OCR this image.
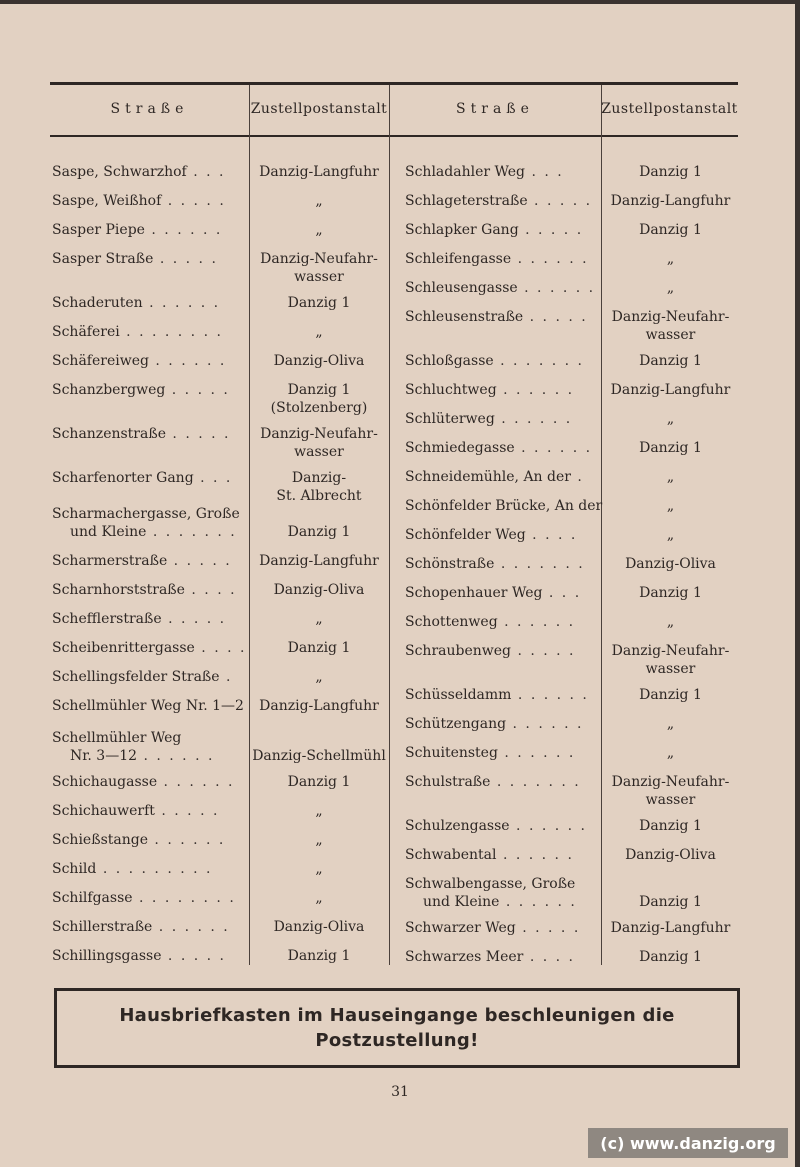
Straße	Zustellpostanstalt	Straße	Zustellpostanstalt
Saspe, Schwarzhof . . .	Danzig-Langfuhr
Saspe, Weißhof . . . . .	„
Sasper Piepe . . . . . .	„
Sasper Straße . . . . .	Danzig-Neufahr-
wasser
Schaderuten . . . . . .	Danzig 1
Schäferei . . . . . . . .	„
Schäfereiweg . . . . . .	Danzig-Oliva
Schanzbergweg . . . . .	Danzig 1
(Stolzenberg)
Schanzenstraße . . . . .	Danzig-Neufahr-
wasser
Scharfenorter Gang . . .	Danzig-
St. Albrecht
Scharmachergasse, Große
und Kleine . . . . . . .	Danzig 1
Scharmerstraße . . . . .	Danzig-Langfuhr
Scharnhorststraße . . . .	Danzig-Oliva
Schefflerstraße . . . . .	„
Scheibenrittergasse . . . .	Danzig 1
Schellingsfelder Straße .	„
Schellmühler Weg Nr. 1—2	Danzig-Langfuhr
Schellmühler Weg
Nr. 3—12 . . . . . .	Danzig-Schellmühl
Schichaugasse . . . . . .	Danzig 1
Schichauwerft . . . . .	„
Schießstange . . . . . .	„
Schild . . . . . . . . .	„
Schilfgasse . . . . . . . .	„
Schillerstraße . . . . . .	Danzig-Oliva
Schillingsgasse . . . . .	Danzig 1
Schladahler Weg . . .	Danzig 1
Schlageterstraße . . . . .	Danzig-Langfuhr
Schlapker Gang . . . . .	Danzig 1
Schleifengasse . . . . . .	„
Schleusengasse . . . . . .	„
Schleusenstraße . . . . .	Danzig-Neufahr-
wasser
Schloßgasse . . . . . . .	Danzig 1
Schluchtweg . . . . . .	Danzig-Langfuhr
Schlüterweg . . . . . .	„
Schmiedegasse . . . . . .	Danzig 1
Schneidemühle, An der .	„
Schönfelder Brücke, An der	„
Schönfelder Weg . . . .	„
Schönstraße . . . . . . .	Danzig-Oliva
Schopenhauer Weg . . .	Danzig 1
Schottenweg . . . . . .	„
Schraubenweg . . . . .	Danzig-Neufahr-
wasser
Schüsseldamm . . . . . .	Danzig 1
Schützengang . . . . . .	„
Schuitensteg . . . . . .	„
Schulstraße . . . . . . .	Danzig-Neufahr-
wasser
Schulzengasse . . . . . .	Danzig 1
Schwabental . . . . . .	Danzig-Oliva
Schwalbengasse, Große
und Kleine . . . . . .	Danzig 1
Schwarzer Weg . . . . .	Danzig-Langfuhr
Schwarzes Meer . . . .	Danzig 1
Hausbriefkasten im Hauseingange beschleunigen die
Postzustellung!
31
(c) www.danzig.org
